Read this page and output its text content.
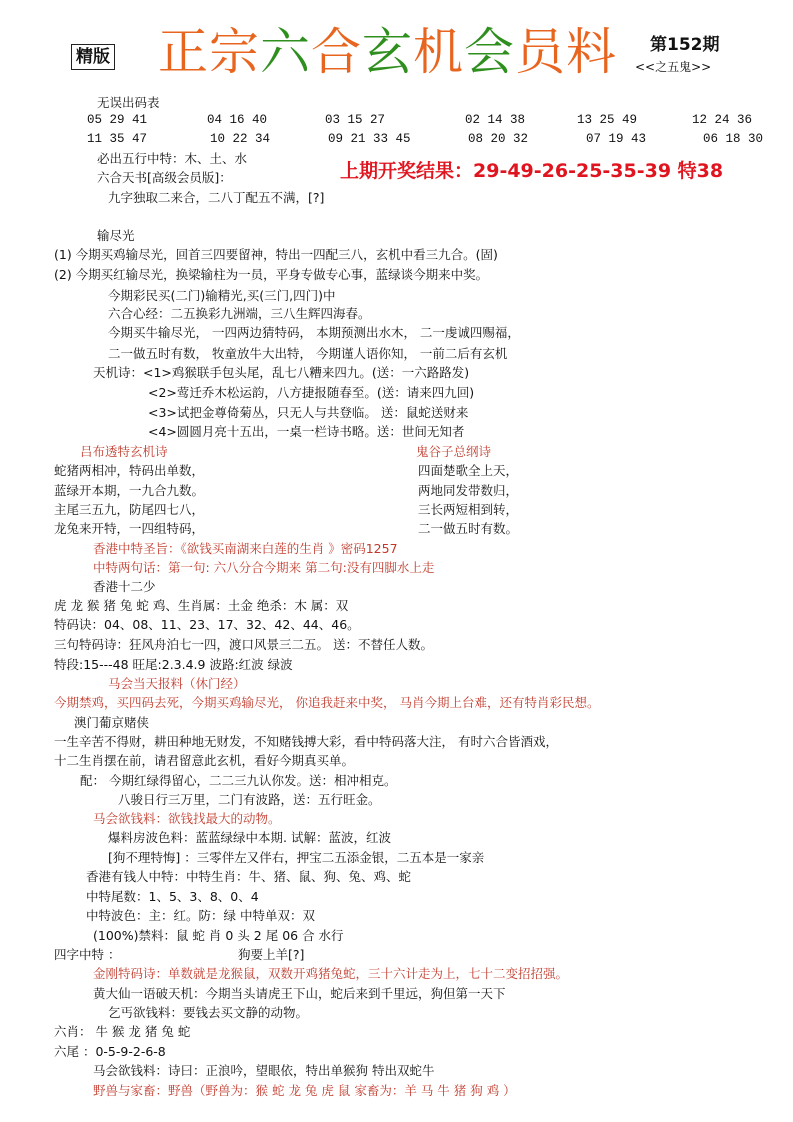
精版 正宗六合玄机会员料 第152期
<<之五鬼>>
无误出码表
05 29 41	04 16 40	03 15 27	02 14 38	13 25 49	12 24 36
11 35 47	10 22 34	09 21 33 45	08 20 32	07 19 43	06 18 30
上期开奖结果：29-49-26-25-35-39 特38
必出五行中特：木、土、水
六合天书[高级会员版]：
九字独取二来合，二八丁配五不满，[?]
输尽光
(1) 今期买鸡输尽光，回首三四要留神，特出一四配三八，玄机中看三九合。(固)
(2) 今期买红输尽光，换梁输柱为一员，平身专做专心事，蓝绿谈今期来中奖。
今期彩民买(二门)输精光,买(三门,四门)中
六合心经：二五换彩九洲端，三八生辉四海春。
今期买牛输尽光， 一四两边猜特码， 本期预测出水木， 二一虔诚四赐福，
二一做五时有数， 牧童放牛大出特， 今期谨人语你知， 一前二后有玄机
天机诗：<1>鸡猴联手包头尾，乱七八糟来四九。(送：一六路路发)
<2>莺迁乔木松运韵，八方捷报随春至。(送：请来四九回)
<3>试把金尊倚菊丛，只无人与共登临。 送：鼠蛇送财来
<4>圆圆月亮十五出，一桌一栏诗书略。送：世间无知者
吕布透特玄机诗	鬼谷子总纲诗
蛇猪两相冲，特码出单数，	四面楚歌全上天，
蓝绿开本期，一九合九数。	两地同发带数归，
主尾三五九，防尾四七八，	三长两短相到转，
龙兔来开特，一四组特码，	二一做五时有数。
香港中特圣旨：《欲钱买南湖来白莲的生肖 》密码1257
中特两句话：第一句: 六八分合今期来 第二句:没有四脚水上走
香港十二少
虎 龙 猴 猪 兔 蛇 鸡、生肖属：土金 绝杀：木 属：双
特码诀：04、08、11、23、17、32、42、44、46。
三句特码诗：狂风舟泊七一四，渡口风景三二五。 送：不替任人数。
特段:15---48 旺尾:2.3.4.9 波路:红波 绿波
马会当天报料（休门经）
今期禁鸡，买四码去死，今期买鸡输尽光， 你追我赶来中奖， 马肖今期上台难，还有特肖彩民想。
澳门葡京赌侠
一生辛苦不得财，耕田种地无财发，不知赌钱搏大彩，看中特码落大注， 有时六合皆酒戏，
十二生肖摆在前，请君留意此玄机，看好今期真买单。
配： 今期红绿得留心，二二三九认你发。送：相冲相克。
八骏日行三万里，二门有波路，送：五行旺金。
马会欲钱料：欲钱找最大的动物。
爆料房波色料：蓝蓝绿绿中本期. 试解：蓝波，红波
[狗不理特悔] ：三零伴左又伴右，押宝二五添金银，二五本是一家亲
香港有钱人中特：中特生肖：牛、猪、鼠、狗、兔、鸡、蛇
中特尾数：1、5、3、8、0、4
中特波色：主：红。防：绿 中特单双：双
(100%)禁料：鼠 蛇 肖 0 头 2 尾 06 合 水行
四字中特 ：	狗要上羊[?]
金刚特码诗：单数就是龙猴鼠，双数开鸡猪兔蛇，三十六计走为上，七十二变招招强。
黄大仙一语破天机：今期当头请虎王下山，蛇后来到千里远，狗但第一天下
乞丐欲钱料：要钱去买文静的动物。
六肖： 牛 猴 龙 猪 兔 蛇
六尾 ：0-5-9-2-6-8
马会欲钱料：诗曰：正浪吟，望眼依，特出单猴狗 特出双蛇牛
野兽与家畜：野兽（野兽为：猴 蛇 龙 兔 虎 鼠 家畜为：羊 马 牛 猪 狗 鸡 ）
